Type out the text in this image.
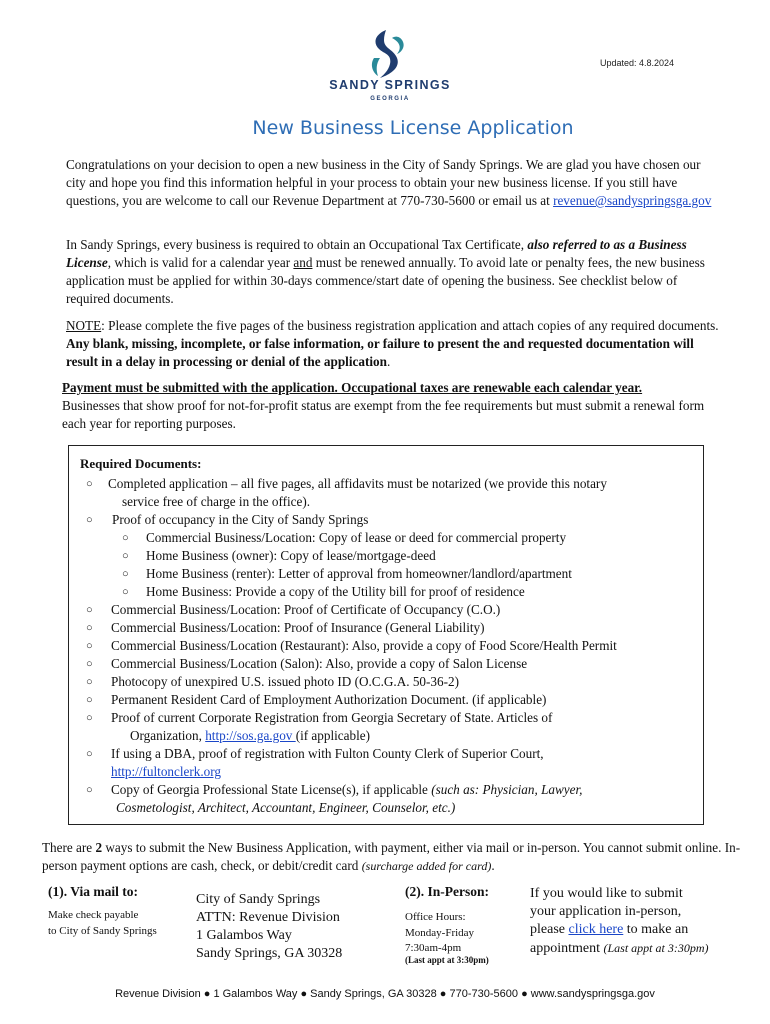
SANDY SPRINGS
GEORGIA
Updated: 4.8.2024
New Business License Application
Congratulations on your decision to open a new business in the City of Sandy Springs. We are glad you have chosen our city and hope you find this information helpful in your process to obtain your new business license. If you still have questions, you are welcome to call our Revenue Department at 770-730-5600 or email us at revenue@sandyspringsga.gov
In Sandy Springs, every business is required to obtain an Occupational Tax Certificate, also referred to as a Business License, which is valid for a calendar year and must be renewed annually. To avoid late or penalty fees, the new business application must be applied for within 30-days commence/start date of opening the business. See checklist below of required documents.
NOTE: Please complete the five pages of the business registration application and attach copies of any required documents. Any blank, missing, incomplete, or false information, or failure to present the and requested documentation will result in a delay in processing or denial of the application.
Payment must be submitted with the application. Occupational taxes are renewable each calendar year.
Businesses that show proof for not-for-profit status are exempt from the fee requirements but must submit a renewal form each year for reporting purposes.
Required Documents:
○ Completed application – all five pages, all affidavits must be notarized (we provide this notary
service free of charge in the office).
○ Proof of occupancy in the City of Sandy Springs
○ Commercial Business/Location: Copy of lease or deed for commercial property
○ Home Business (owner): Copy of lease/mortgage-deed
○ Home Business (renter): Letter of approval from homeowner/landlord/apartment
○ Home Business: Provide a copy of the Utility bill for proof of residence
○ Commercial Business/Location: Proof of Certificate of Occupancy (C.O.)
○ Commercial Business/Location: Proof of Insurance (General Liability)
○ Commercial Business/Location (Restaurant): Also, provide a copy of Food Score/Health Permit
○ Commercial Business/Location (Salon): Also, provide a copy of Salon License
○ Photocopy of unexpired U.S. issued photo ID (O.C.G.A. 50-36-2)
○ Permanent Resident Card of Employment Authorization Document. (if applicable)
○ Proof of current Corporate Registration from Georgia Secretary of State. Articles of
Organization, http://sos.ga.gov (if applicable)
○ If using a DBA, proof of registration with Fulton County Clerk of Superior Court,
http://fultonclerk.org
○ Copy of Georgia Professional State License(s), if applicable (such as: Physician, Lawyer,
Cosmetologist, Architect, Accountant, Engineer, Counselor, etc.)
There are 2 ways to submit the New Business Application, with payment, either via mail or in-person. You cannot submit online. In-person payment options are cash, check, or debit/credit card (surcharge added for card).
(1). Via mail to:
Make check payable
to City of Sandy Springs
City of Sandy Springs
ATTN: Revenue Division
1 Galambos Way
Sandy Springs, GA 30328
(2). In-Person:
Office Hours:
Monday-Friday
7:30am-4pm
(Last appt at 3:30pm)
If you would like to submit
your application in-person,
please click here to make an
appointment (Last appt at 3:30pm)
Revenue Division ● 1 Galambos Way ● Sandy Springs, GA 30328 ● 770-730-5600 ● www.sandyspringsga.gov
